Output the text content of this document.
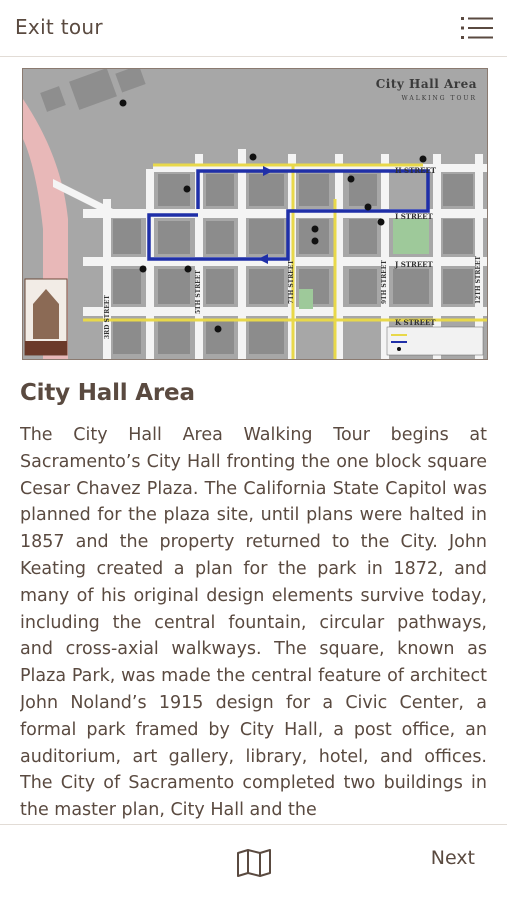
Exit tour
H STREET
I STREET
J STREET
K STREET
3RD STREET
5TH STREET	7TH STREET	9TH STREET	12TH STREET
City Hall Area
WALKING TOUR
City Hall Area
The City Hall Area Walking Tour begins at Sacramento’s City Hall fronting the one block square Cesar Chavez Plaza. The California State Capitol was planned for the plaza site, until plans were halted in 1857 and the property returned to the City. John Keating created a plan for the park in 1872, and many of his original design elements survive today, including the central fountain, circular pathways, and cross-axial walkways. The square, known as Plaza Park, was made the central feature of architect John Noland’s 1915 design for a Civic Center, a formal park framed by City Hall, a post office, an auditorium, art gallery, library, hotel, and offices. The City of Sacramento completed two buildings in the master plan, City Hall and the
Next
